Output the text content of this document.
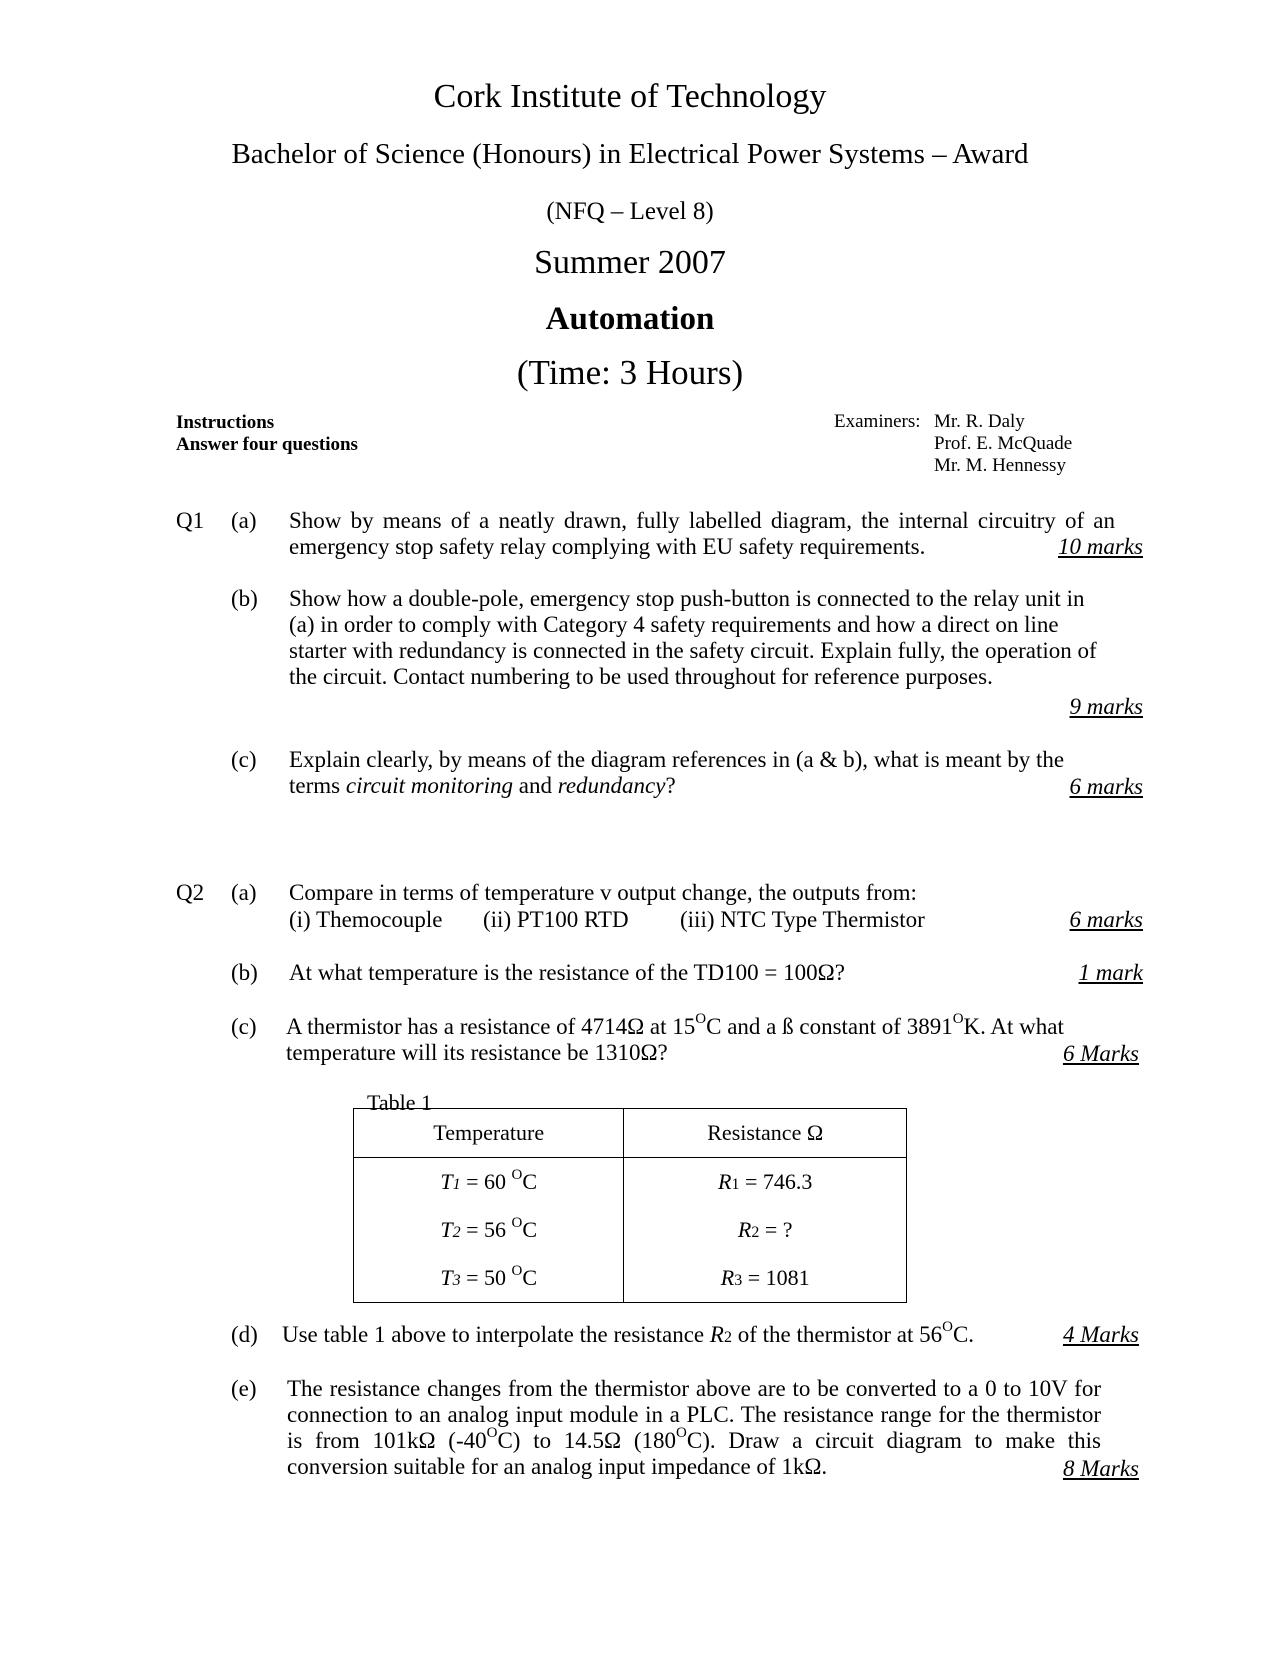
Cork Institute of Technology
Bachelor of Science (Honours) in Electrical Power Systems – Award
(NFQ – Level 8)
Summer 2007
Automation
(Time: 3 Hours)
Instructions
Answer four questions
Examiners: Mr. R. Daly
Prof. E. McQuade
Mr. M. Hennessy
Q1 (a) Show by means of a neatly drawn, fully labelled diagram, the internal circuitry of an emergency stop safety relay complying with EU safety requirements.	10 marks
(b) Show how a double-pole, emergency stop push-button is connected to the relay unit in (a) in order to comply with Category 4 safety requirements and how a direct on line starter with redundancy is connected in the safety circuit. Explain fully, the operation of the circuit. Contact numbering to be used throughout for reference purposes.
9 marks
(c) Explain clearly, by means of the diagram references in (a & b), what is meant by the terms circuit monitoring and redundancy?	6 marks
Q2 (a) Compare in terms of temperature v output change, the outputs from:
(i) Themocouple (ii) PT100 RTD (iii) NTC Type Thermistor	6 marks
(b) At what temperature is the resistance of the TD100 = 100Ω?	1 mark
(c) A thermistor has a resistance of 4714Ω at $15^OC$ and a ß constant of $3891^OK$. At what temperature will its resistance be 1310Ω?	6 Marks
Table 1
Temperature	Resistance Ω
T1 = 60 $^O$C	R1 = 746.3
T2 = 56 $^O$C	R2 = ?
T3 = 50 $^O$C	R3 = 1081
(d) Use table 1 above to interpolate the resistance R2 of the thermistor at $56^OC$.	4 Marks
(e) The resistance changes from the thermistor above are to be converted to a 0 to 10V for connection to an analog input module in a PLC. The resistance range for the thermistor is from 101kΩ $(-40^OC)$ to 14.5Ω $(180^OC)$. Draw a circuit diagram to make this conversion suitable for an analog input impedance of 1kΩ.	8 Marks
